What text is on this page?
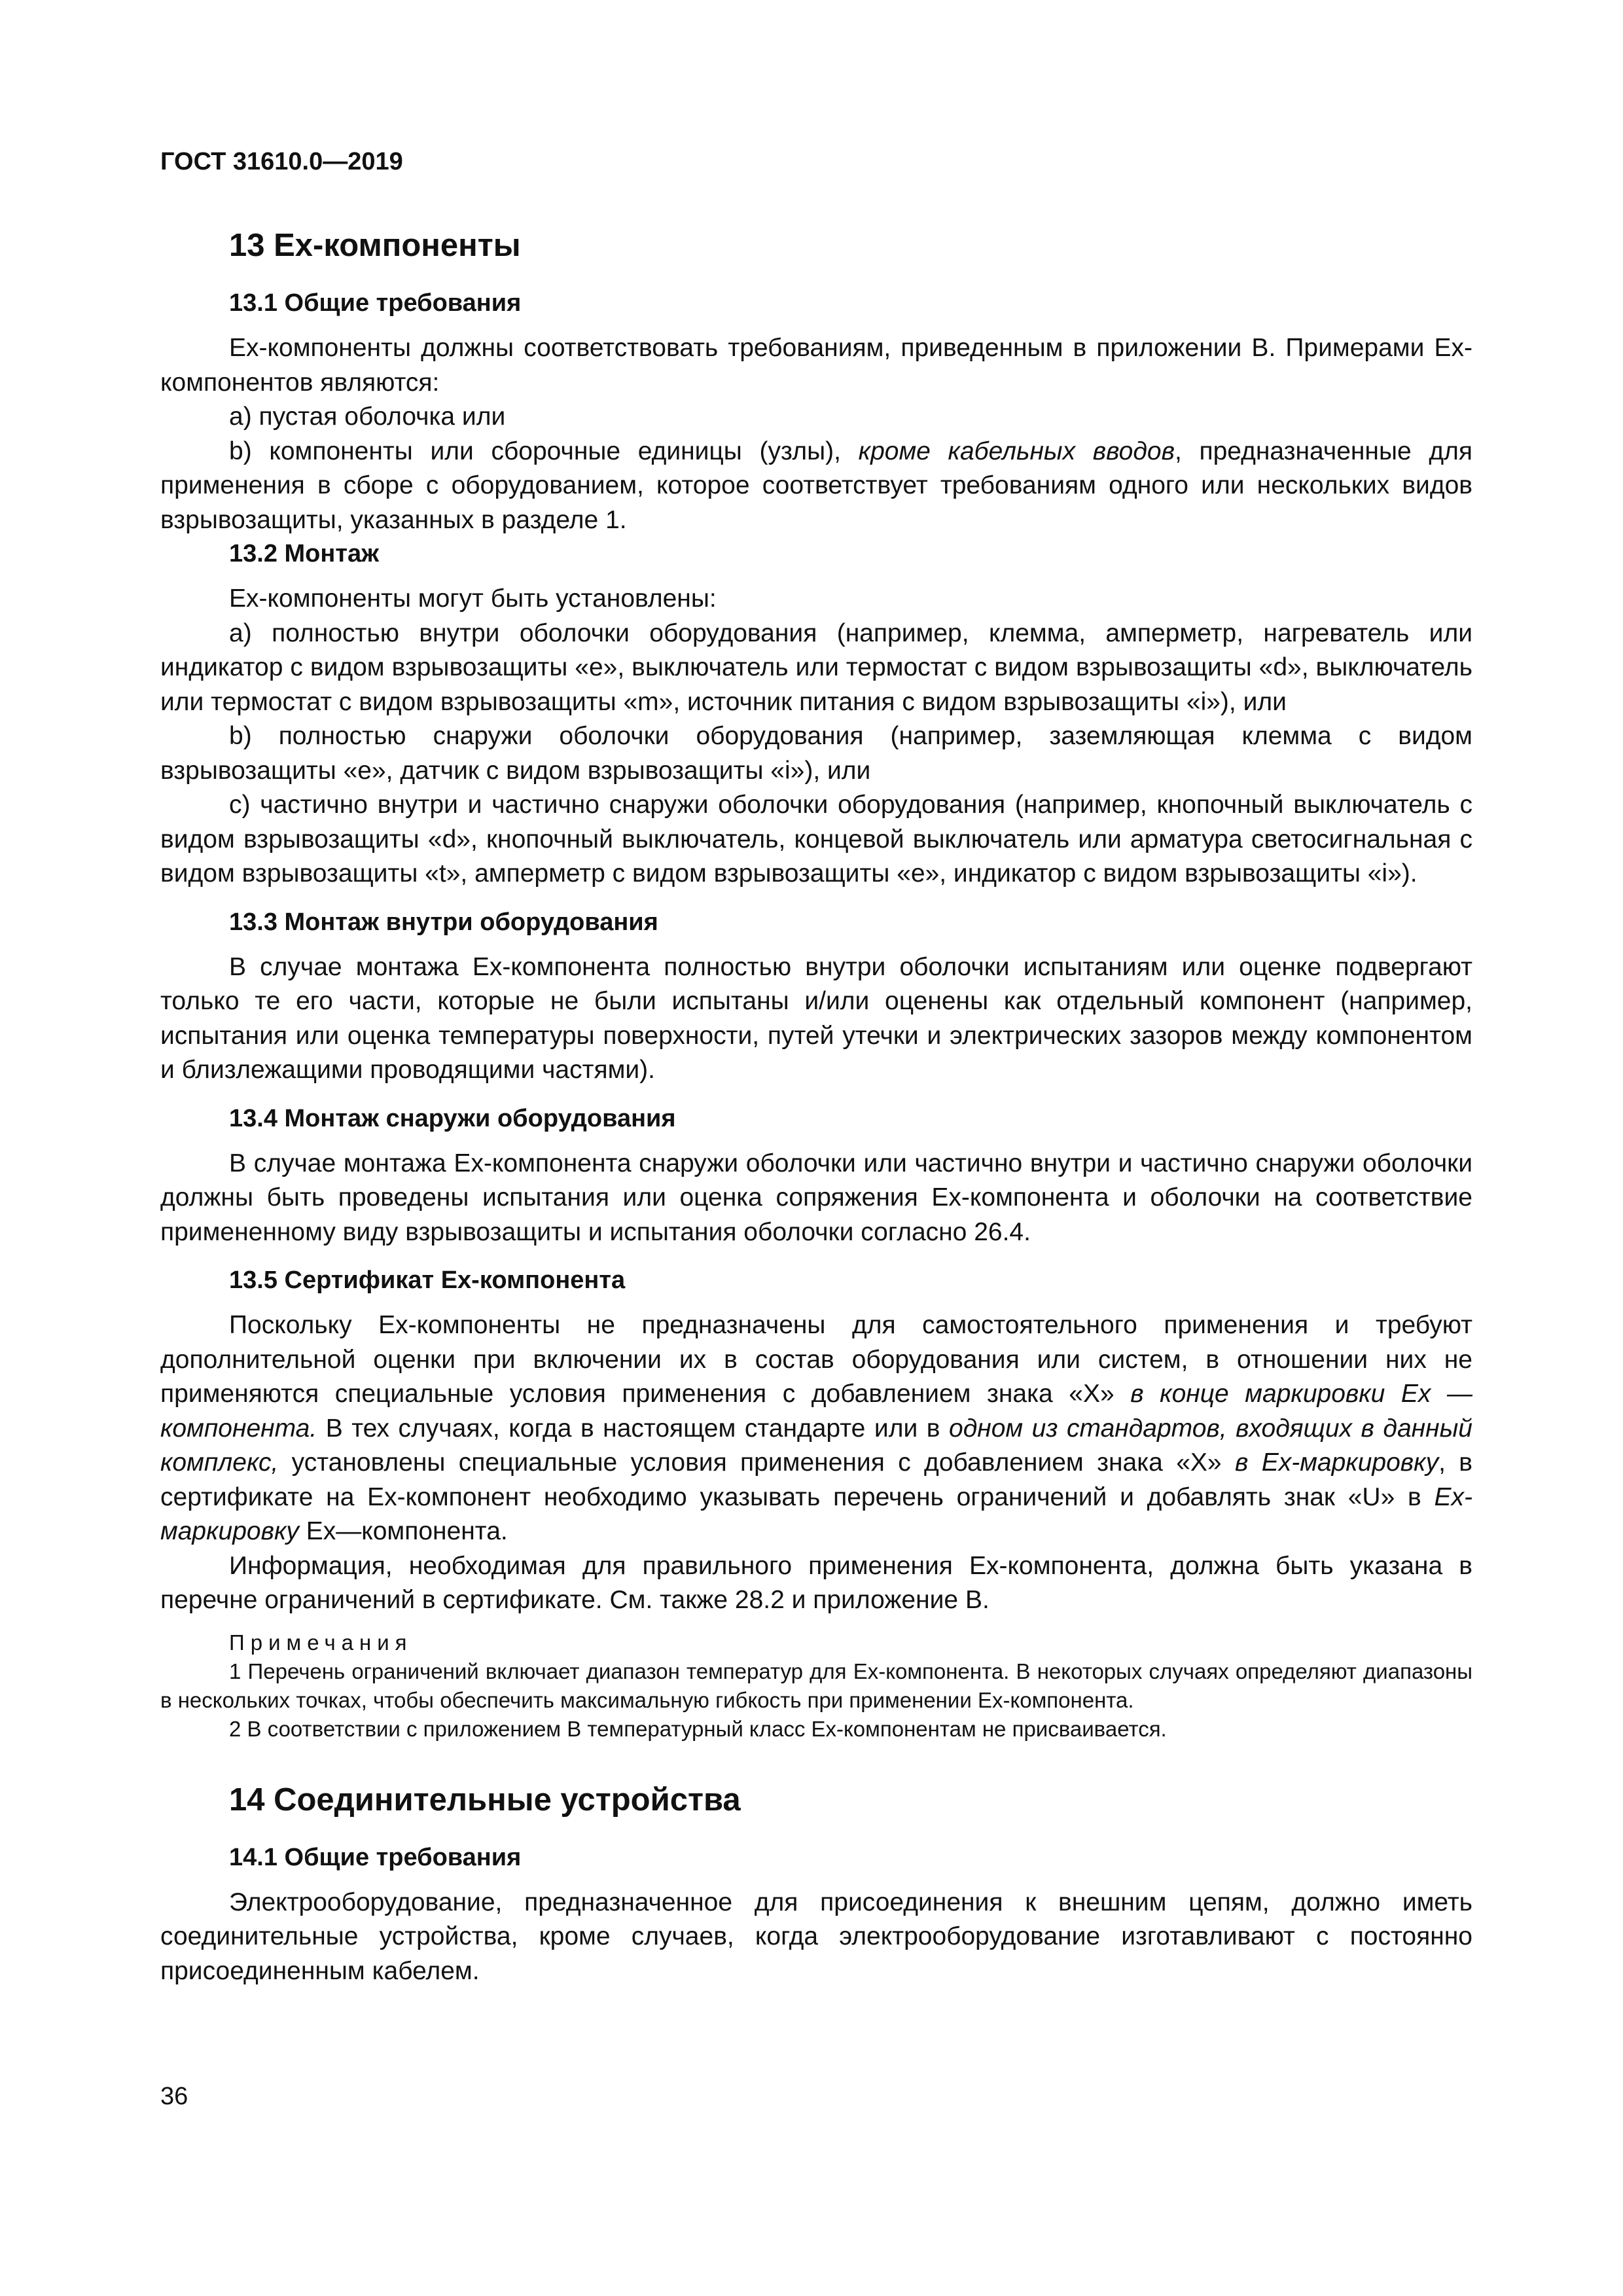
ГОСТ 31610.0—2019
13 Ex-компоненты
13.1 Общие требования

Ex-компоненты должны соответствовать требованиям, приведенным в приложении В. Примерами Ex-компонентов являются:

а) пустая оболочка или

b) компоненты или сборочные единицы (узлы), кроме кабельных вводов, предназначенные для применения в сборе с оборудованием, которое соответствует требованиям одного или нескольких видов взрывозащиты, указанных в разделе 1.

13.2 Монтаж

Ex-компоненты могут быть установлены:

а) полностью внутри оболочки оборудования (например, клемма, амперметр, нагреватель или индикатор с видом взрывозащиты «е», выключатель или термостат с видом взрывозащиты «d», выключатель или термостат с видом взрывозащиты «m», источник питания с видом взрывозащиты «i»), или

b) полностью снаружи оболочки оборудования (например, заземляющая клемма с видом взрывозащиты «е», датчик с видом взрывозащиты «i»), или

с) частично внутри и частично снаружи оболочки оборудования (например, кнопочный выключатель с видом взрывозащиты «d», кнопочный выключатель, концевой выключатель или арматура светосигнальная с видом взрывозащиты «t», амперметр с видом взрывозащиты «е», индикатор с видом взрывозащиты «i»).

13.3 Монтаж внутри оборудования

В случае монтажа Ex-компонента полностью внутри оболочки испытаниям или оценке подвергают только те его части, которые не были испытаны и/или оценены как отдельный компонент (например, испытания или оценка температуры поверхности, путей утечки и электрических зазоров между компонентом и близлежащими проводящими частями).

13.4 Монтаж снаружи оборудования

В случае монтажа Ex-компонента снаружи оболочки или частично внутри и частично снаружи оболочки должны быть проведены испытания или оценка сопряжения Ex-компонента и оболочки на соответствие примененному виду взрывозащиты и испытания оболочки согласно 26.4.

13.5 Сертификат Ex-компонента

Поскольку Ex-компоненты не предназначены для самостоятельного применения и требуют дополнительной оценки при включении их в состав оборудования или систем, в отношении них не применяются специальные условия применения с добавлением знака «X» в конце маркировки Ex — компонента. В тех случаях, когда в настоящем стандарте или в одном из стандартов, входящих в данный комплекс, установлены специальные условия применения с добавлением знака «X» в Ex-маркировку, в сертификате на Ex-компонент необходимо указывать перечень ограничений и добавлять знак «U» в Ex-маркировку Ex—компонента.

Информация, необходимая для правильного применения Ex-компонента, должна быть указана в перечне ограничений в сертификате. См. также 28.2 и приложение В.

Примечания

1 Перечень ограничений включает диапазон температур для Ex-компонента. В некоторых случаях определяют диапазоны в нескольких точках, чтобы обеспечить максимальную гибкость при применении Ex-компонента.

2 В соответствии с приложением В температурный класс Ex-компонентам не присваивается.

14 Соединительные устройства
14.1 Общие требования

Электрооборудование, предназначенное для присоединения к внешним цепям, должно иметь соединительные устройства, кроме случаев, когда электрооборудование изготавливают с постоянно присоединенным кабелем.

36
